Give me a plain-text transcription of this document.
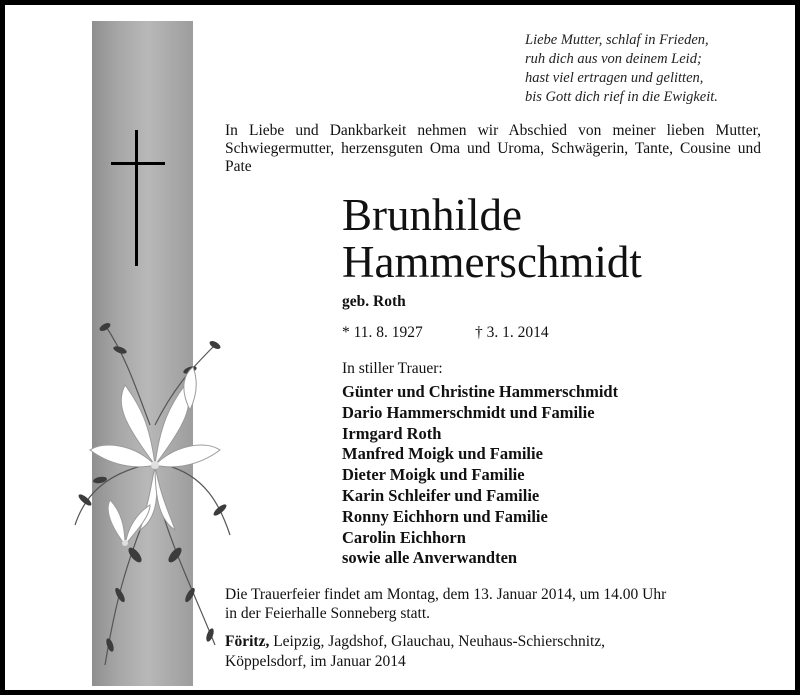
Liebe Mutter, schlaf in Frieden,
ruh dich aus von deinem Leid;
hast viel ertragen und gelitten,
bis Gott dich rief in die Ewigkeit.
In Liebe und Dankbarkeit nehmen wir Abschied von meiner lieben Mutter, Schwiegermutter, herzensguten Oma und Uroma, Schwägerin, Tante, Cousine und Pate
Brunhilde
Hammerschmidt
geb. Roth
* 11. 8. 1927	† 3. 1. 2014
In stiller Trauer:
Günter und Christine Hammerschmidt
Dario Hammerschmidt und Familie
Irmgard Roth
Manfred Moigk und Familie
Dieter Moigk und Familie
Karin Schleifer und Familie
Ronny Eichhorn und Familie
Carolin Eichhorn
sowie alle Anverwandten
Die Trauerfeier findet am Montag, dem 13. Januar 2014, um 14.00 Uhr
in der Feierhalle Sonneberg statt.
Föritz, Leipzig, Jagdshof, Glauchau, Neuhaus-Schierschnitz,
Köppelsdorf, im Januar 2014
